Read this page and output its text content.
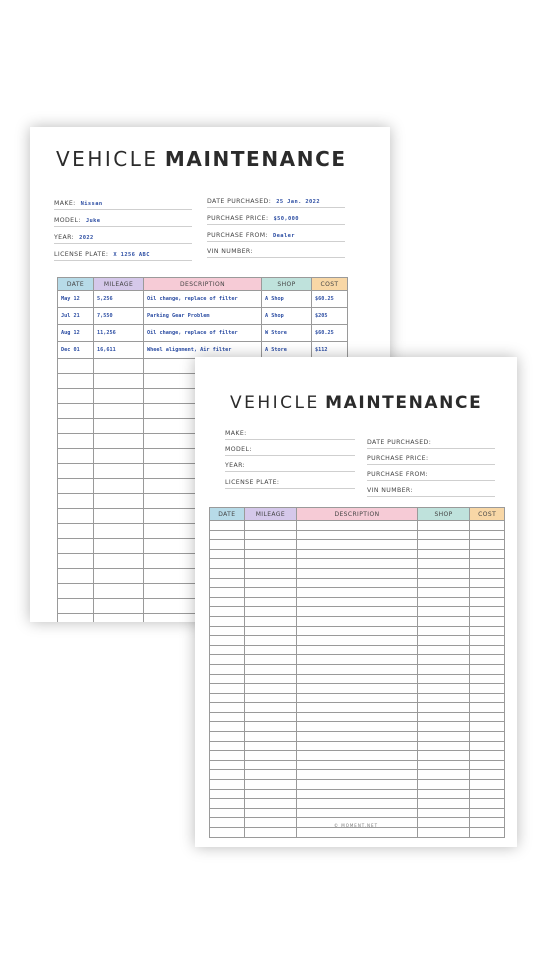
VEHICLE MAINTENANCE
MAKE: Nissan
MODEL: Juke
YEAR: 2022
LICENSE PLATE: X 1256 ABC
DATE PURCHASED: 25 Jan. 2022
PURCHASE PRICE: $50,000
PURCHASE FROM: Dealer
VIN NUMBER:
DATE	MILEAGE	DESCRIPTION	SHOP	COST
May 12	5,256	Oil change, replace of filter	A Shop	$60.25
Jul 21	7,550	Parking Gear Problem	A Shop	$205
Aug 12	11,256	Oil change, replace of filter	W Store	$60.25
Dec 01	16,611	Wheel alignment, Air filter	A Store	$112

VEHICLE MAINTENANCE
MAKE:
MODEL:
YEAR:
LICENSE PLATE:
DATE PURCHASED:
PURCHASE PRICE:
PURCHASE FROM:
VIN NUMBER:
DATE	MILEAGE	DESCRIPTION	SHOP	COST

© MOMENT.NET
